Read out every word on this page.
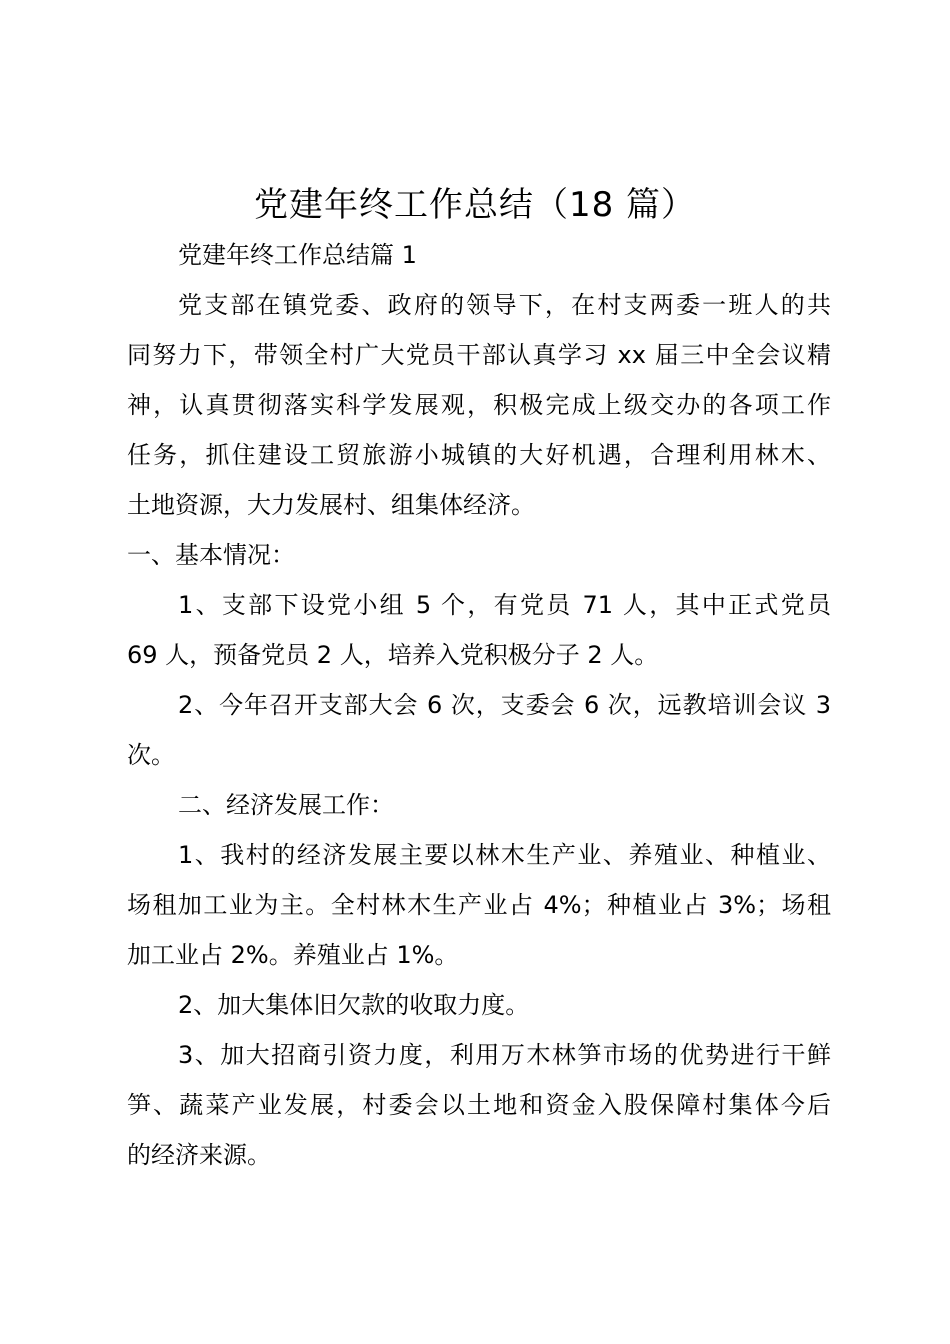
党建年终工作总结（18 篇）

党建年终工作总结篇 1

党支部在镇党委、政府的领导下，在村支两委一班人的共

同努力下，带领全村广大党员干部认真学习 xx 届三中全会议精

神，认真贯彻落实科学发展观，积极完成上级交办的各项工作

任务，抓住建设工贸旅游小城镇的大好机遇，合理利用林木、

土地资源，大力发展村、组集体经济。

一、基本情况：

1、支部下设党小组 5 个，有党员 71 人，其中正式党员

69 人，预备党员 2 人，培养入党积极分子 2 人。

2、今年召开支部大会 6 次，支委会 6 次，远教培训会议 3

次。

二、经济发展工作：

1、我村的经济发展主要以林木生产业、养殖业、种植业、

场租加工业为主。全村林木生产业占 4%；种植业占 3%；场租

加工业占 2%。养殖业占 1%。

2、加大集体旧欠款的收取力度。

3、加大招商引资力度，利用万木林笋市场的优势进行干鲜

笋、蔬菜产业发展，村委会以土地和资金入股保障村集体今后

的经济来源。
